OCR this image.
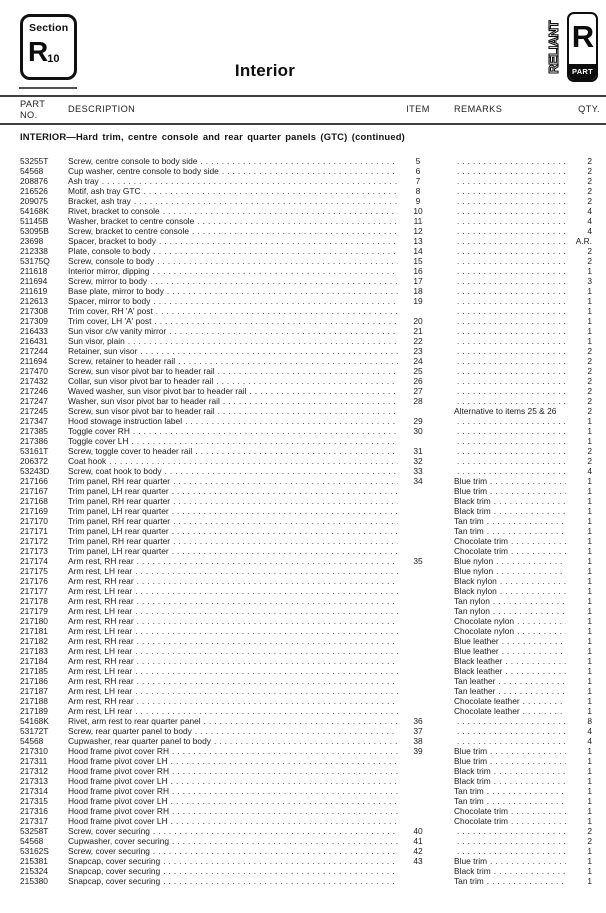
Section
R10
Interior	RELIANT R
PART
PART
NO.
DESCRIPTION	ITEM	REMARKS	QTY.
INTERIOR—Hard trim, centre console and rear quarter panels (GTC) (continued)
53255T	Screw, centre console to body side .....	5 .....	2
54568	Cup washer, centre console to body side .....	6 .....	2
208876	Ash tray .....	7 .....	2
216526	Motif, ash tray GTC .....	8 .....	2
209075	Bracket, ash tray .....	9 .....	2
54168K	Rivet, bracket to console .....	10 .....	4
51145B	Washer, bracket to centre console .....	11 .....	4
53095B	Screw, bracket to centre console .....	12 .....	4
23698	Spacer, bracket to body .....	13 .....	A.R.
212338	Plate, console to body .....	14 .....	2
53175Q	Screw, console to body .....	15 .....	2
211618	Interior mirror, dipping .....	16 .....	1
211694	Screw, mirror to body .....	17 .....	3
211619	Base plate, mirror to body .....	18 .....	1
212613	Spacer, mirror to body .....	19 .....	1
217308	Trim cover, RH 'A' post ..... .....	1
217309	Trim cover, LH 'A' post .....	20 .....	1
216433	Sun visor c/w vanity mirror .....	21 .....	1
216431	Sun visor, plain .....	22 .....	1
217244	Retainer, sun visor .....	23 .....	2
211694	Screw, retainer to header rail .....	24 .....	2
217470	Screw, sun visor pivot bar to header rail .....	25 .....	2
217432	Collar, sun visor pivot bar to header rail .....	26 .....	2
217246	Waved washer, sun visor pivot bar to header rail .....	27 .....	2
217247	Washer, sun visor pivot bar to header rail .....	28 .....	2
217245	Screw, sun visor pivot bar to header rail .....	Alternative to items 25 & 26	2
217347	Hood stowage instruction label .....	29 .....	1
217385	Toggle cover RH .....	30 .....	1
217386	Toggle cover LH ..... .....	1
53161T	Screw, toggle cover to header rail .....	31 .....	2
206372	Coat hook .....	32 .....	2
53243D	Screw, coat hook to body .....	33 .....	4
217166	Trim panel, RH rear quarter .....	34	Blue trim .....	1
217167	Trim panel, LH rear quarter .....	Blue trim .....	1
217168	Trim panel, RH rear quarter .....	Black trim .....	1
217169	Trim panel, LH rear quarter .....	Black trim .....	1
217170	Trim panel, RH rear quarter .....	Tan trim .....	1
217171	Trim panel, LH rear quarter .....	Tan trim .....	1
217172	Trim panel, RH rear quarter .....	Chocolate trim .....	1
217173	Trim panel, LH rear quarter .....	Chocolate trim .....	1
217174	Arm rest, RH rear .....	35	Blue nylon .....	1
217175	Arm rest, LH rear .....	Blue nylon .....	1
217176	Arm rest, RH rear .....	Black nylon .....	1
217177	Arm rest, LH rear .....	Black nylon .....	1
217178	Arm rest, RH rear .....	Tan nylon .....	1
217179	Arm rest, LH rear .....	Tan nylon .....	1
217180	Arm rest, RH rear .....	Chocolate nylon .....	1
217181	Arm rest, LH rear .....	Chocolate nylon .....	1
217182	Arm rest, RH rear .....	Blue leather .....	1
217183	Arm rest, LH rear .....	Blue leather .....	1
217184	Arm rest, RH rear .....	Black leather .....	1
217185	Arm rest, LH rear .....	Black leather .....	1
217186	Arm rest, RH rear .....	Tan leather .....	1
217187	Arm rest, LH rear .....	Tan leather .....	1
217188	Arm rest, RH rear .....	Chocolate leather .....	1
217189	Arm rest, LH rear .....	Chocolate leather .....	1
54168K	Rivet, arm rest to rear quarter panel .....	36 .....	8
53172T	Screw, rear quarter panel to body .....	37 .....	4
54568	Cupwasher, rear quarter panel to body .....	38 .....	4
217310	Hood frame pivot cover RH .....	39	Blue trim .....	1
217311	Hood frame pivot cover LH .....	Blue trim .....	1
217312	Hood frame pivot cover RH .....	Black trim .....	1
217313	Hood frame pivot cover LH .....	Black trim .....	1
217314	Hood frame pivot cover RH .....	Tan trim .....	1
217315	Hood frame pivot cover LH .....	Tan trim .....	1
217316	Hood frame pivot cover RH .....	Chocolate trim .....	1
217317	Hood frame pivot cover LH .....	Chocolate trim .....	1
53258T	Screw, cover securing .....	40 .....	2
54568	Cupwasher, cover securing .....	41 .....	2
53162S	Screw, cover securing .....	42 .....	1
215381	Snapcap, cover securing .....	43	Blue trim .....	1
215324	Snapcap, cover securing .....	Black trim .....	1
215380	Snapcap, cover securing .....	Tan trim .....	1
